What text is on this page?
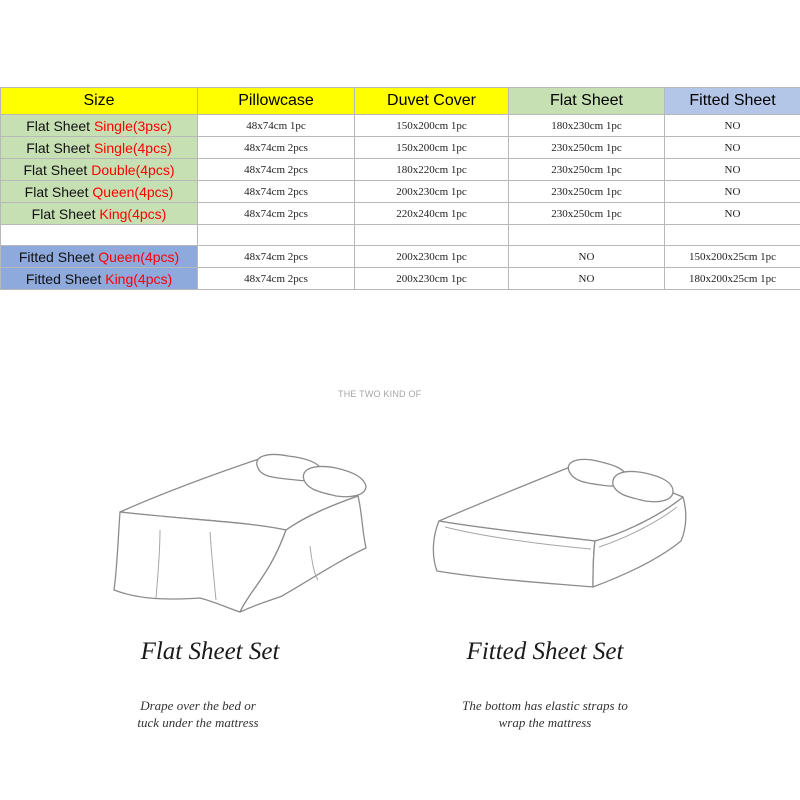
Size	Pillowcase	Duvet Cover	Flat Sheet	Fitted Sheet
Flat Sheet Single(3psc)	48x74cm 1pc	150x200cm 1pc	180x230cm 1pc	NO
Flat Sheet Single(4pcs)	48x74cm 2pcs	150x200cm 1pc	230x250cm 1pc	NO
Flat Sheet Double(4pcs)	48x74cm 2pcs	180x220cm 1pc	230x250cm 1pc	NO
Flat Sheet Queen(4pcs)	48x74cm 2pcs	200x230cm 1pc	230x250cm 1pc	NO
Flat Sheet King(4pcs)	48x74cm 2pcs	220x240cm 1pc	230x250cm 1pc	NO

Fitted Sheet Queen(4pcs)	48x74cm 2pcs	200x230cm 1pc	NO	150x200x25cm 1pc
Fitted Sheet King(4pcs)	48x74cm 2pcs	200x230cm 1pc	NO	180x200x25cm 1pc
THE TWO KIND OF
Flat Sheet Set
Drape over the bed or
tuck under the mattress
Fitted Sheet Set
The bottom has elastic straps to
wrap the mattress
